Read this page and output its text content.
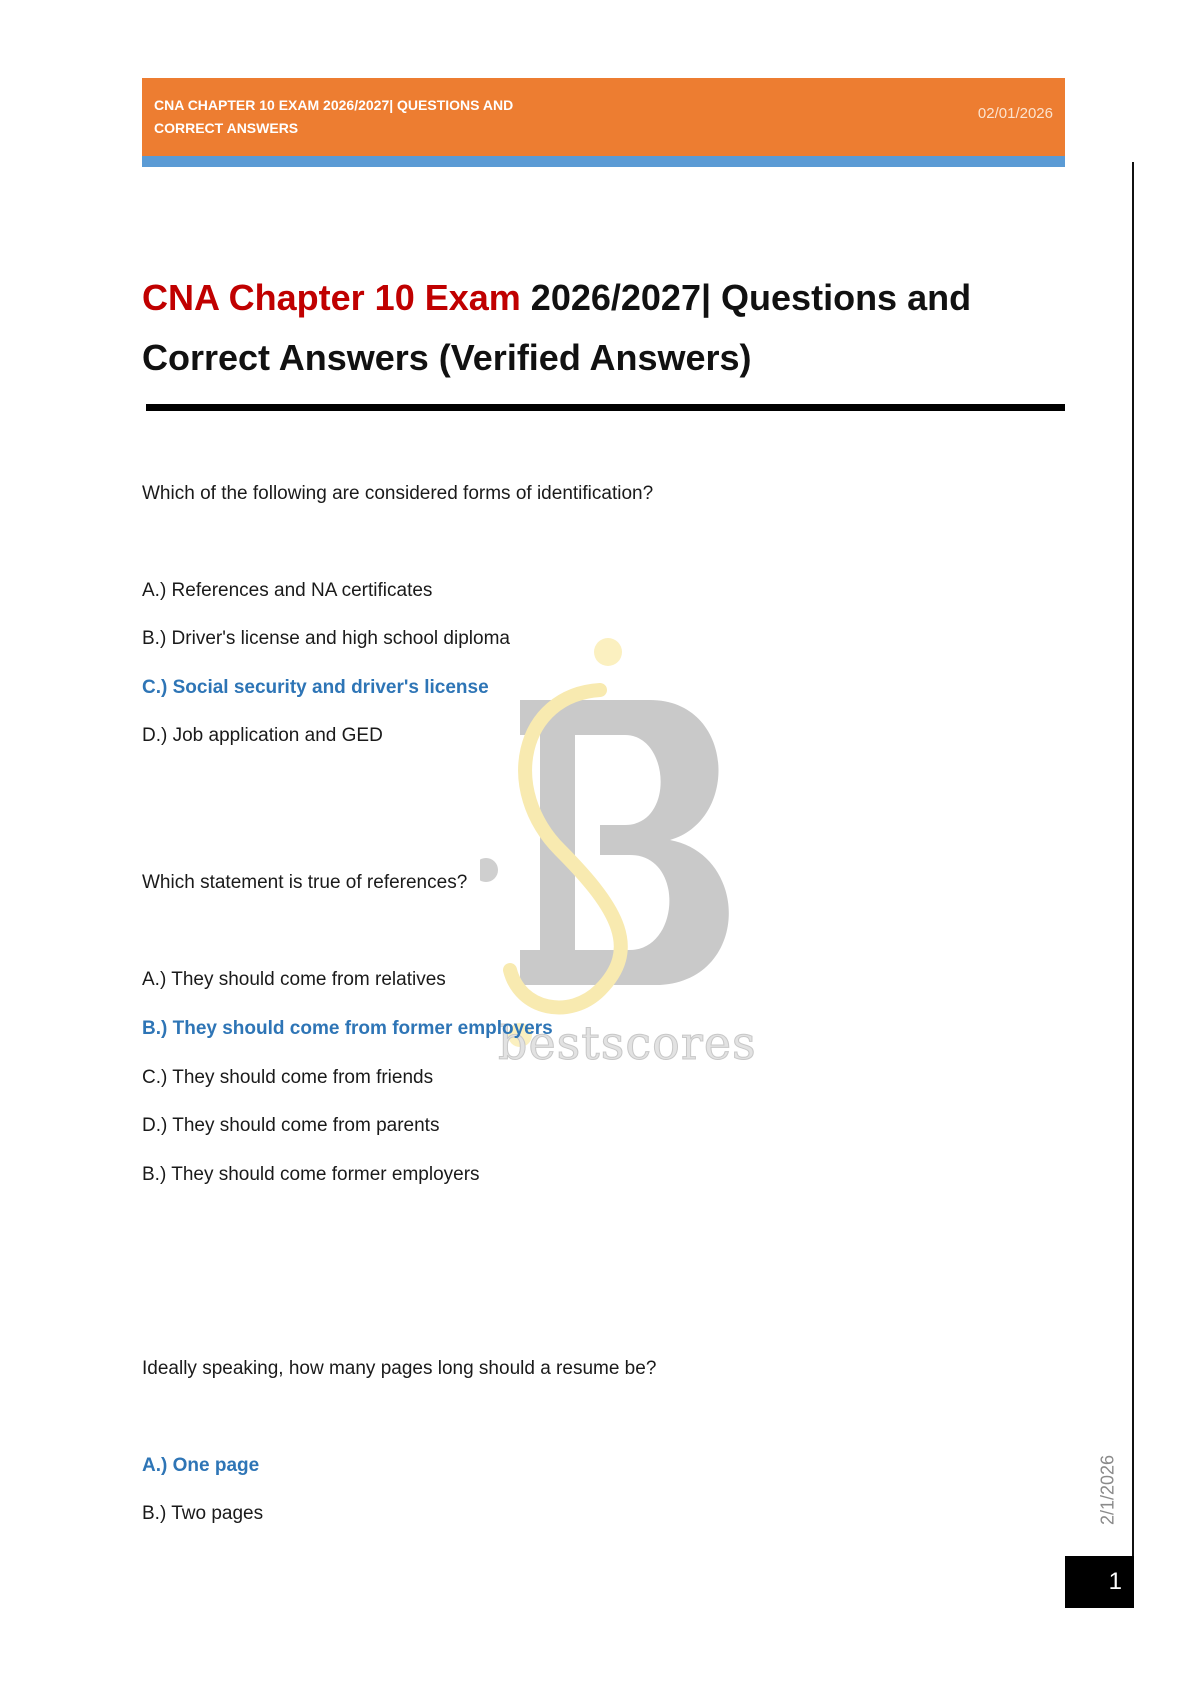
CNA CHAPTER 10 EXAM 2026/2027| QUESTIONS AND CORRECT ANSWERS
02/01/2026
2/1/2026
1
CNA Chapter 10 Exam 2026/2027| Questions and Correct Answers (Verified Answers)
bestscores
Which of the following are considered forms of identification?
A.) References and NA certificates
B.) Driver's license and high school diploma
C.) Social security and driver's license
D.) Job application and GED
Which statement is true of references?
A.) They should come from relatives
B.) They should come from former employers
C.) They should come from friends
D.) They should come from parents
B.) They should come former employers
Ideally speaking, how many pages long should a resume be?
A.) One page
B.) Two pages
